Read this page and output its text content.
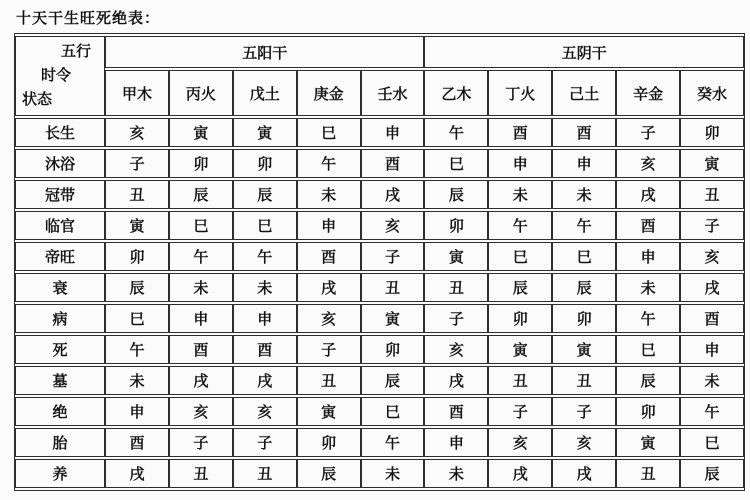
十天干生旺死绝表：
五行
时令
状态	五阳干					五阴干				
	甲木	丙火	戊土	庚金	壬水	乙木	丁火	己土	辛金	癸水
长生	亥	寅	寅	巳	申	午	酉	酉	子	卯
沐浴	子	卯	卯	午	酉	巳	申	申	亥	寅
冠带	丑	辰	辰	未	戌	辰	未	未	戌	丑
临官	寅	巳	巳	申	亥	卯	午	午	酉	子
帝旺	卯	午	午	酉	子	寅	巳	巳	申	亥
衰	辰	未	未	戌	丑	丑	辰	辰	未	戌
病	巳	申	申	亥	寅	子	卯	卯	午	酉
死	午	酉	酉	子	卯	亥	寅	寅	巳	申
墓	未	戌	戌	丑	辰	戌	丑	丑	辰	未
绝	申	亥	亥	寅	巳	酉	子	子	卯	午
胎	酉	子	子	卯	午	申	亥	亥	寅	巳
养	戌	丑	丑	辰	未	未	戌	戌	丑	辰
